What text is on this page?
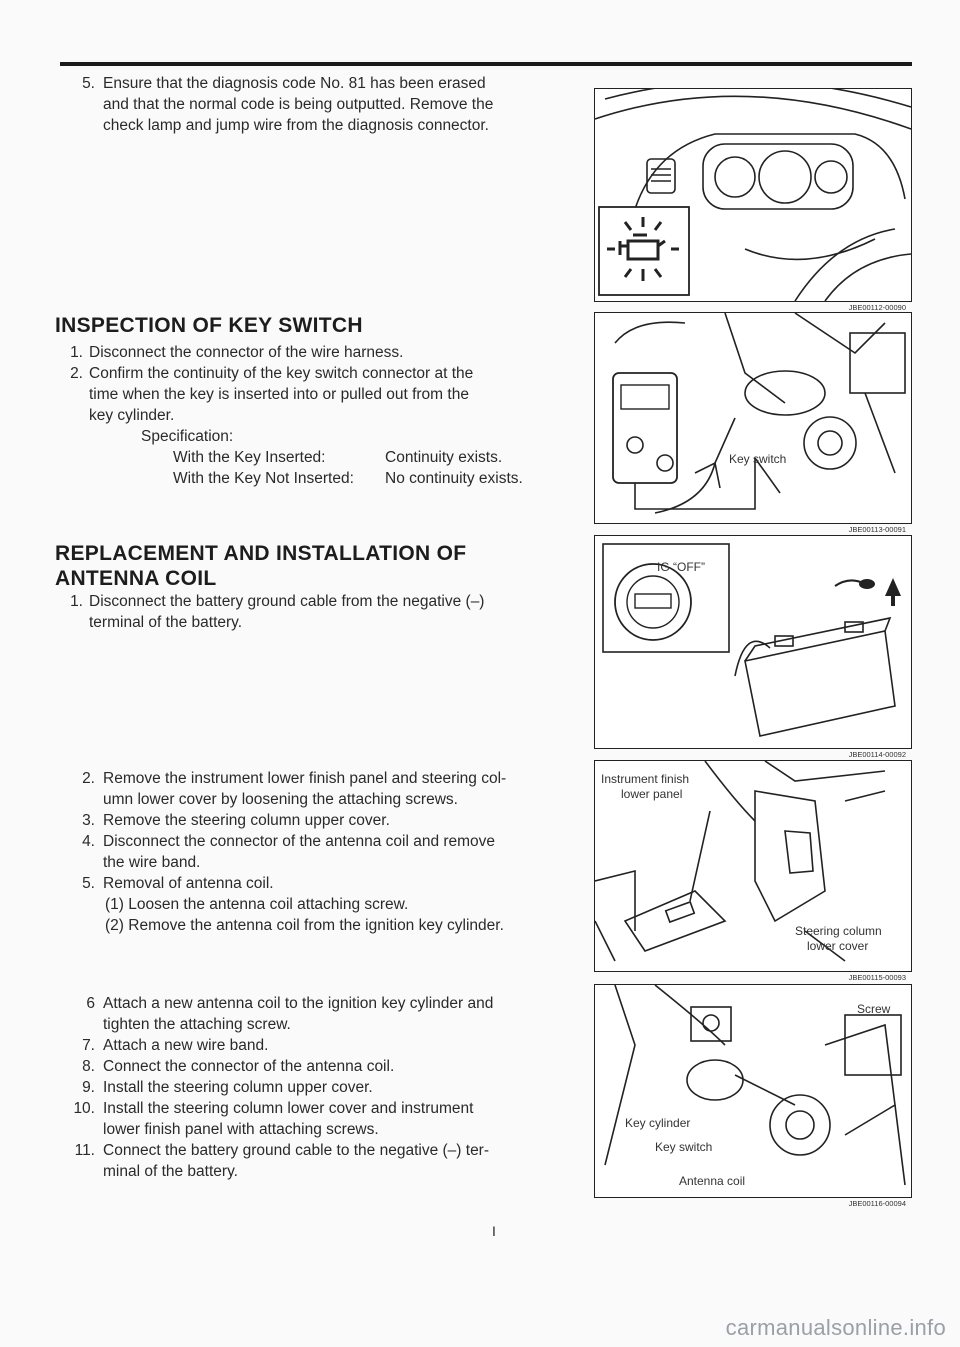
5. Ensure that the diagnosis code No. 81 has been erased
and that the normal code is being outputted. Remove the
check lamp and jump wire from the diagnosis connector.
INSPECTION OF KEY SWITCH
1. Disconnect the connector of the wire harness.
2. Confirm the continuity of the key switch connector at the
time when the key is inserted into or pulled out from the
key cylinder.
Specification:
With the Key Inserted:	Continuity exists.
With the Key Not Inserted:	No continuity exists.
REPLACEMENT AND INSTALLATION OF
ANTENNA COIL
1. Disconnect the battery ground cable from the negative (–)
terminal of the battery.
2. Remove the instrument lower finish panel and steering col-
umn lower cover by loosening the attaching screws.
3. Remove the steering column upper cover.
4. Disconnect the connector of the antenna coil and remove
the wire band.
5. Removal of antenna coil.
(1) Loosen the antenna coil attaching screw.
(2) Remove the antenna coil from the ignition key cylinder.
6 Attach a new antenna coil to the ignition key cylinder and
tighten the attaching screw.
7. Attach a new wire band.
8. Connect the connector of the antenna coil.
9. Install the steering column upper cover.
10. Install the steering column lower cover and instrument
lower finish panel with attaching screws.
11. Connect the battery ground cable to the negative (–) ter-
minal of the battery.
JBE00112-00090
Key switch
JBE00113-00091
IG “OFF”
JBE00114-00092
Instrument finish
lower panel
Steering column
lower cover
JBE00115-00093
Screw
Key cylinder
Key switch
Antenna coil
JBE00116-00094
I
carmanualsonline.info
